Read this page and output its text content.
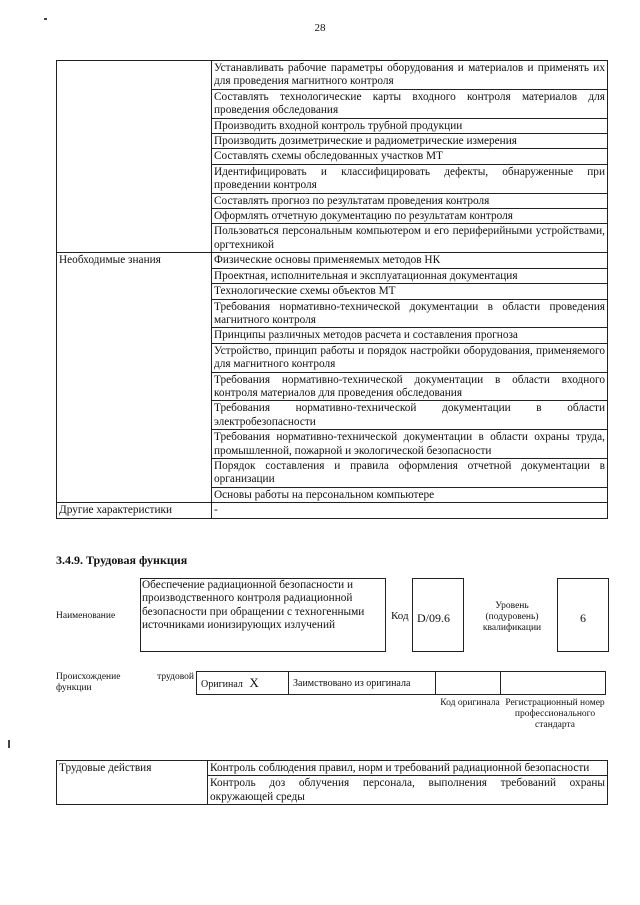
28
	Устанавливать рабочие параметры оборудования и материалов и применять их для проведения магнитного контроля
	Составлять технологические карты входного контроля материалов для проведения обследования
	Производить входной контроль трубной продукции
	Производить дозиметрические и радиометрические измерения
	Составлять схемы обследованных участков МТ
	Идентифицировать и классифицировать дефекты, обнаруженные при проведении контроля
	Составлять прогноз по результатам проведения контроля
	Оформлять отчетную документацию по результатам контроля
	Пользоваться персональным компьютером и его периферийными устройствами, оргтехникой
Необходимые знания	Физические основы применяемых методов НК
	Проектная, исполнительная и эксплуатационная документация
	Технологические схемы объектов МТ
	Требования нормативно-технической документации в области проведения магнитного контроля
	Принципы различных методов расчета и составления прогноза
	Устройство, принцип работы и порядок настройки оборудования, применяемого для магнитного контроля
	Требования нормативно-технической документации в области входного контроля материалов для проведения обследования
	Требования нормативно-технической документации в области электробезопасности
	Требования нормативно-технической документации в области охраны труда, промышленной, пожарной и экологической безопасности
	Порядок составления и правила оформления отчетной документации в организации
	Основы работы на персональном компьютере
Другие характеристики	-
3.4.9. Трудовая функция
Наименование
Обеспечение радиационной безопасности и производственного контроля радиационной безопасности при обращении с техногенными источниками ионизирующих излучений
Код D/09.6
Уровень (подуровень) квалификации
6
Происхождение трудовой функции	Оригинал X	Заимствовано из оригинала		
Код оригинала Регистрационный номер профессионального стандарта
Трудовые действия	Контроль соблюдения правил, норм и требований радиационной безопасности
Контроль доз облучения персонала, выполнения требований охраны окружающей среды
